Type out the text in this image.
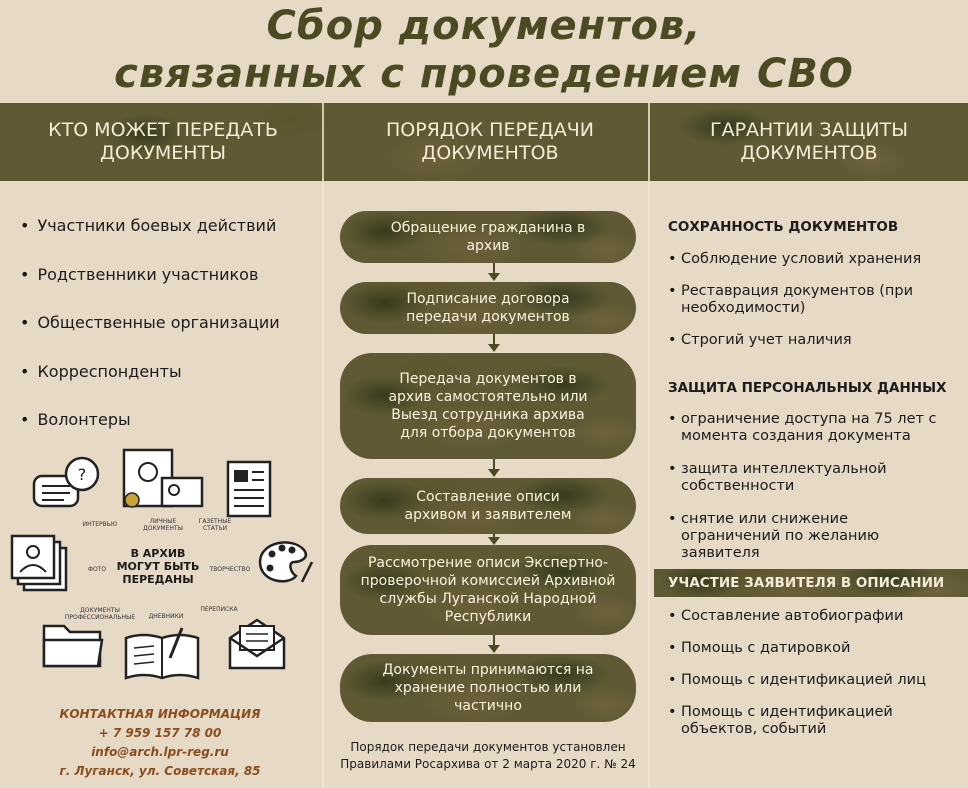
Сбор документов,
связанных с проведением СВО
КТО МОЖЕТ ПЕРЕДАТЬ ДОКУМЕНТЫ
ПОРЯДОК ПЕРЕДАЧИ ДОКУМЕНТОВ
ГАРАНТИИ ЗАЩИТЫ ДОКУМЕНТОВ
• Участники боевых действий
• Родственники участников
• Общественные организации
• Корреспонденты
• Волонтеры
?
ИНТЕРВЬЮ	ЛИЧНЫЕ ДОКУМЕНТЫ
ГАЗЕТНЫЕ СТАТЬИ
ФОТО
В АРХИВ МОГУТ БЫТЬ ПЕРЕДАНЫ
ТВОРЧЕСТВО
ДОКУМЕНТЫ ПРОФЕССИОНАЛЬНЫЕ	ДНЕВНИКИ
ПЕРЕПИСКА
КОНТАКТНАЯ ИНФОРМАЦИЯ
+ 7 959 157 78 00
info@arch.lpr-reg.ru
г. Луганск, ул. Советская, 85
Обращение гражданина в архив
Подписание договора передачи документов
Передача документов в архив самостоятельно или Выезд сотрудника архива для отбора документов
Составление описи архивом и заявителем
Рассмотрение описи Экспертно-проверочной комиссией Архивной службы Луганской Народной Республики
Документы принимаются на хранение полностью или частично
Порядок передачи документов установлен Правилами Росархива от 2 марта 2020 г. № 24
СОХРАННОСТЬ ДОКУМЕНТОВ
• Соблюдение условий хранения
• Реставрация документов (при необходимости)
• Строгий учет наличия
ЗАЩИТА ПЕРСОНАЛЬНЫХ ДАННЫХ
• ограничение доступа на 75 лет с момента создания документа
• защита интеллектуальной собственности
• снятие или снижение ограничений по желанию заявителя
УЧАСТИЕ ЗАЯВИТЕЛЯ В ОПИСАНИИ
• Составление автобиографии
• Помощь с датировкой
• Помощь с идентификацией лиц
• Помощь с идентификацией объектов, событий
